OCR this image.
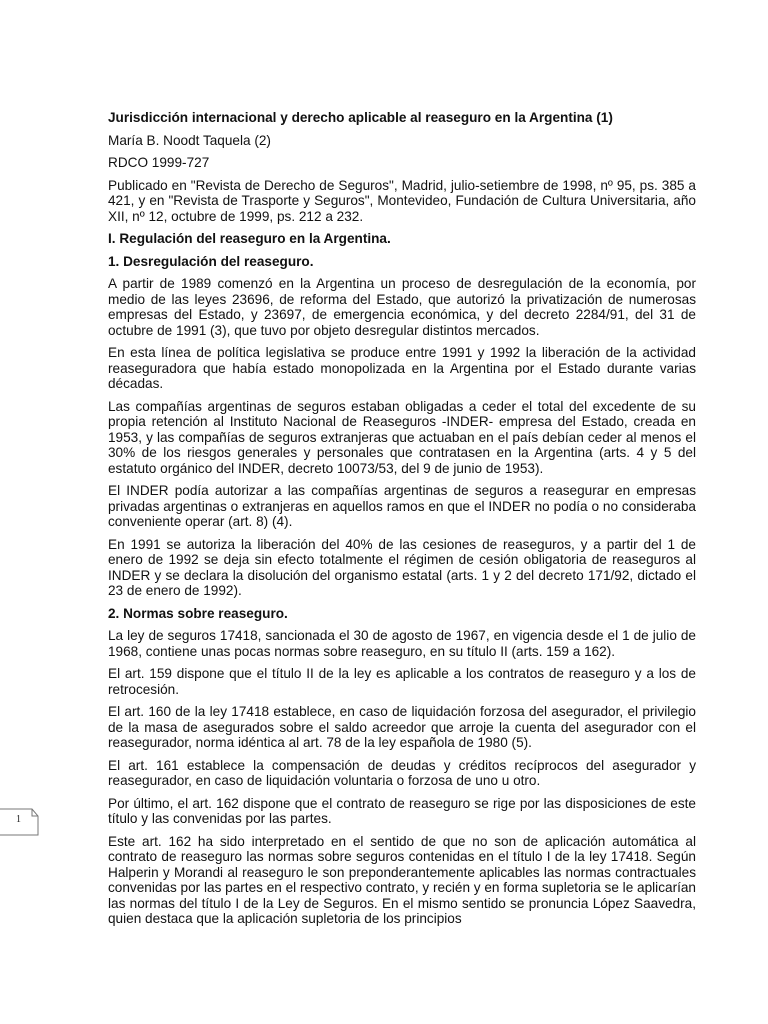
Jurisdicción internacional y derecho aplicable al reaseguro en la Argentina (1)

María B. Noodt Taquela (2)

RDCO 1999-727

Publicado en "Revista de Derecho de Seguros", Madrid, julio-setiembre de 1998, nº 95, ps. 385 a 421, y en "Revista de Trasporte y Seguros", Montevideo, Fundación de Cultura Universitaria, año XII, nº 12, octubre de 1999, ps. 212 a 232.

I. Regulación del reaseguro en la Argentina.

1. Desregulación del reaseguro.

A partir de 1989 comenzó en la Argentina un proceso de desregulación de la economía, por medio de las leyes 23696, de reforma del Estado, que autorizó la privatización de numerosas empresas del Estado, y 23697, de emergencia económica, y del decreto 2284/91, del 31 de octubre de 1991 (3), que tuvo por objeto desregular distintos mercados.

En esta línea de política legislativa se produce entre 1991 y 1992 la liberación de la actividad reaseguradora que había estado monopolizada en la Argentina por el Estado durante varias décadas.

Las compañías argentinas de seguros estaban obligadas a ceder el total del excedente de su propia retención al Instituto Nacional de Reaseguros -INDER- empresa del Estado, creada en 1953, y las compañías de seguros extranjeras que actuaban en el país debían ceder al menos el 30% de los riesgos generales y personales que contratasen en la Argentina (arts. 4 y 5 del estatuto orgánico del INDER, decreto 10073/53, del 9 de junio de 1953).

El INDER podía autorizar a las compañías argentinas de seguros a reasegurar en empresas privadas argentinas o extranjeras en aquellos ramos en que el INDER no podía o no consideraba conveniente operar (art. 8) (4).

En 1991 se autoriza la liberación del 40% de las cesiones de reaseguros, y a partir del 1 de enero de 1992 se deja sin efecto totalmente el régimen de cesión obligatoria de reaseguros al INDER y se declara la disolución del organismo estatal (arts. 1 y 2 del decreto 171/92, dictado el 23 de enero de 1992).

2. Normas sobre reaseguro.

La ley de seguros 17418, sancionada el 30 de agosto de 1967, en vigencia desde el 1 de julio de 1968, contiene unas pocas normas sobre reaseguro, en su título II (arts. 159 a 162).

El art. 159 dispone que el título II de la ley es aplicable a los contratos de reaseguro y a los de retrocesión.

El art. 160 de la ley 17418 establece, en caso de liquidación forzosa del asegurador, el privilegio de la masa de asegurados sobre el saldo acreedor que arroje la cuenta del asegurador con el reasegurador, norma idéntica al art. 78 de la ley española de 1980 (5).

El art. 161 establece la compensación de deudas y créditos recíprocos del asegurador y reasegurador, en caso de liquidación voluntaria o forzosa de uno u otro.

Por último, el art. 162 dispone que el contrato de reaseguro se rige por las disposiciones de este título y las convenidas por las partes.

Este art. 162 ha sido interpretado en el sentido de que no son de aplicación automática al contrato de reaseguro las normas sobre seguros contenidas en el título I de la ley 17418. Según Halperin y Morandi al reaseguro le son preponderantemente aplicables las normas contractuales convenidas por las partes en el respectivo contrato, y recién y en forma supletoria se le aplicarían las normas del título I de la Ley de Seguros. En el mismo sentido se pronuncia López Saavedra, quien destaca que la aplicación supletoria de los principios

1
